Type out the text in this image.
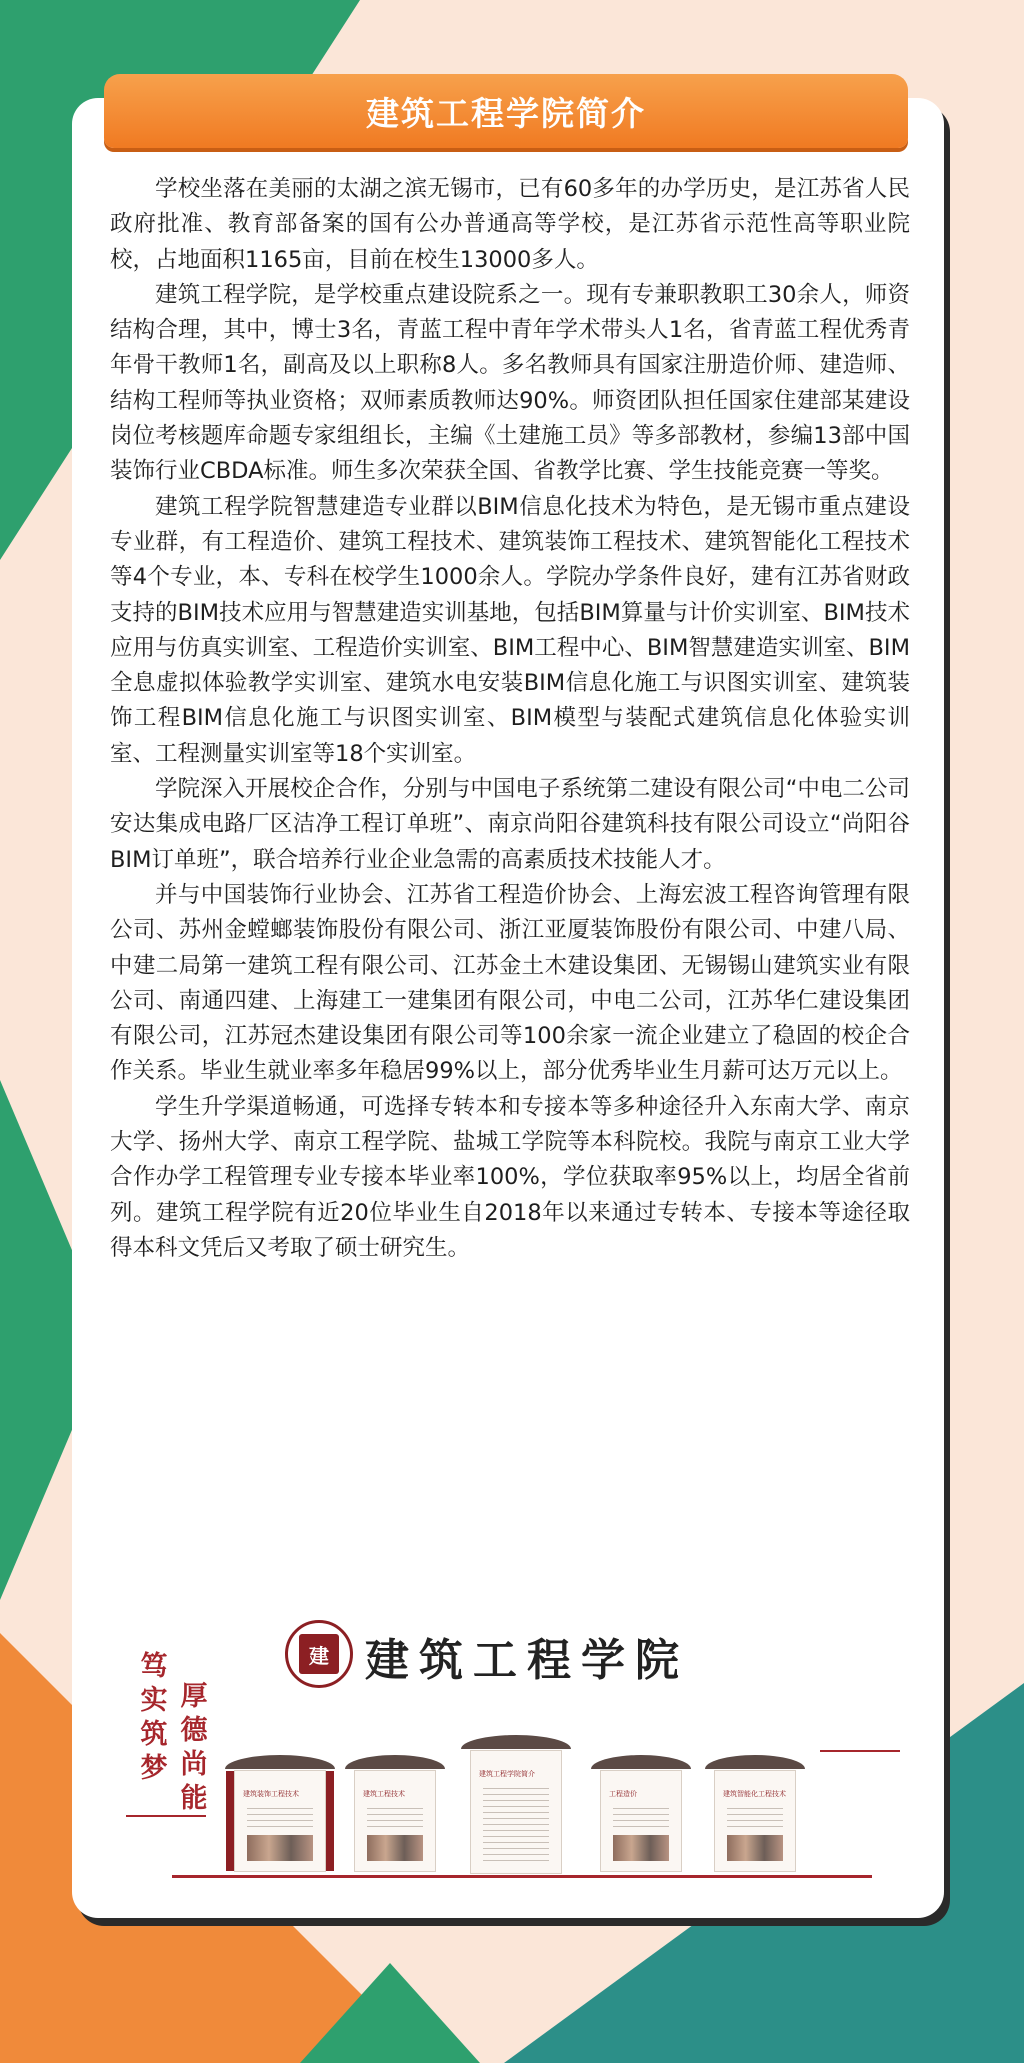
建筑工程学院简介

学校坐落在美丽的太湖之滨无锡市，已有60多年的办学历史，是江苏省人民政府批准、教育部备案的国有公办普通高等学校，是江苏省示范性高等职业院校，占地面积1165亩，目前在校生13000多人。

建筑工程学院，是学校重点建设院系之一。现有专兼职教职工30余人，师资结构合理，其中，博士3名，青蓝工程中青年学术带头人1名，省青蓝工程优秀青年骨干教师1名，副高及以上职称8人。多名教师具有国家注册造价师、建造师、结构工程师等执业资格；双师素质教师达90%。师资团队担任国家住建部某建设岗位考核题库命题专家组组长，主编《土建施工员》等多部教材，参编13部中国装饰行业CBDA标准。师生多次荣获全国、省教学比赛、学生技能竞赛一等奖。

建筑工程学院智慧建造专业群以BIM信息化技术为特色，是无锡市重点建设专业群，有工程造价、建筑工程技术、建筑装饰工程技术、建筑智能化工程技术等4个专业，本、专科在校学生1000余人。学院办学条件良好，建有江苏省财政支持的BIM技术应用与智慧建造实训基地，包括BIM算量与计价实训室、BIM技术应用与仿真实训室、工程造价实训室、BIM工程中心、BIM智慧建造实训室、BIM全息虚拟体验教学实训室、建筑水电安装BIM信息化施工与识图实训室、建筑装饰工程BIM信息化施工与识图实训室、BIM模型与装配式建筑信息化体验实训室、工程测量实训室等18个实训室。

学院深入开展校企合作，分别与中国电子系统第二建设有限公司“中电二公司安达集成电路厂区洁净工程订单班”、南京尚阳谷建筑科技有限公司设立“尚阳谷BIM订单班”，联合培养行业企业急需的高素质技术技能人才。

并与中国装饰行业协会、江苏省工程造价协会、上海宏波工程咨询管理有限公司、苏州金螳螂装饰股份有限公司、浙江亚厦装饰股份有限公司、中建八局、中建二局第一建筑工程有限公司、江苏金土木建设集团、无锡锡山建筑实业有限公司、南通四建、上海建工一建集团有限公司，中电二公司，江苏华仁建设集团有限公司，江苏冠杰建设集团有限公司等100余家一流企业建立了稳固的校企合作关系。毕业生就业率多年稳居99%以上，部分优秀毕业生月薪可达万元以上。

学生升学渠道畅通，可选择专转本和专接本等多种途径升入东南大学、南京大学、扬州大学、南京工程学院、盐城工学院等本科院校。我院与南京工业大学合作办学工程管理专业专接本毕业率100%，学位获取率95%以上，均居全省前列。建筑工程学院有近20位毕业生自2018年以来通过专转本、专接本等途径取得本科文凭后又考取了硕士研究生。

笃实筑梦
厚德尚能
建 建筑工程学院
建筑装饰工程技术	建筑工程技术
建筑工程学院简介
工程造价	建筑智能化工程技术
